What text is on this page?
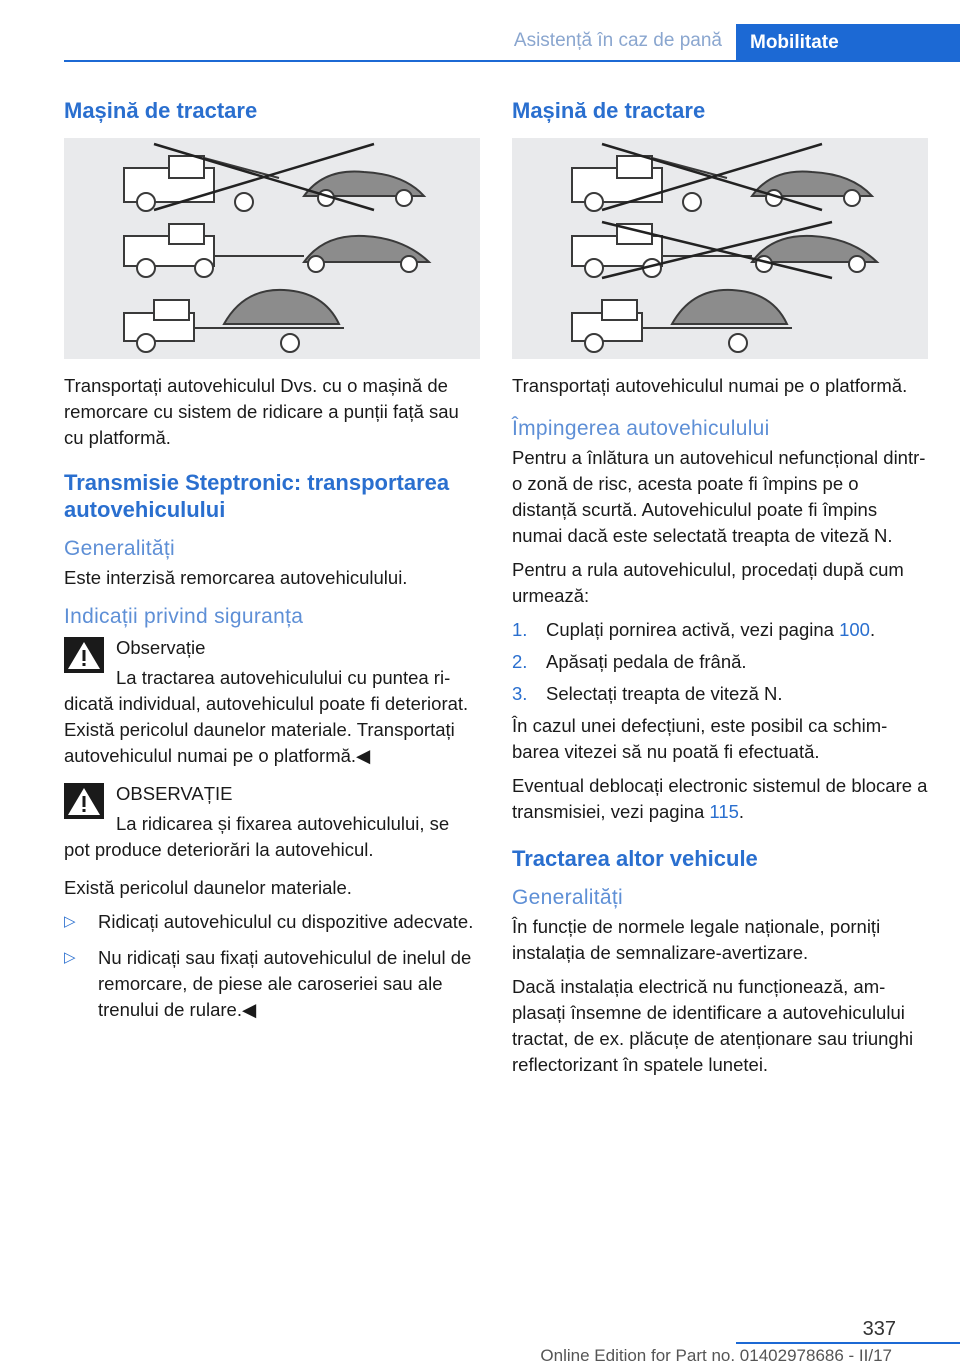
Asistență în caz de pană	Mobilitate
Mașină de tractare

Transportați autovehiculul Dvs. cu o mașină de remorcare cu sistem de ridicare a punții față sau cu platformă.

Transmisie Steptronic: transportarea autovehiculului
Generalități

Este interzisă remorcarea autovehiculului.

Indicații privind siguranța
Observație
La tractarea autovehiculului cu puntea ridicată individual, autovehiculul poate fi deteriorat. Există pericolul daunelor materiale. Transportați autovehiculul numai pe o platformă.◀
OBSERVAȚIE
La ridicarea și fixarea autovehiculului, se pot produce deteriorări la autovehicul.

Există pericolul daunelor materiale.

▷ Ridicați autovehiculul cu dispozitive adecvate.
▷ Nu ridicați sau fixați autovehiculul de inelul de remorcare, de piese ale caroseriei sau ale trenului de rulare.◀
Mașină de tractare

Transportați autovehiculul numai pe o platformă.

Împingerea autovehiculului

Pentru a înlătura un autovehicul nefuncțional dintr-o zonă de risc, acesta poate fi împins pe o distanță scurtă. Autovehiculul poate fi împins numai dacă este selectată treapta de viteză N.

Pentru a rula autovehiculul, procedați după cum urmează:

1. Cuplați pornirea activă, vezi pagina 100.
2. Apăsați pedala de frână.
3. Selectați treapta de viteză N.

În cazul unei defecțiuni, este posibil ca schimbarea vitezei să nu poată fi efectuată.

Eventual deblocați electronic sistemul de blocare a transmisiei, vezi pagina 115.

Tractarea altor vehicule
Generalități

În funcție de normele legale naționale, porniți instalația de semnalizare-avertizare.

Dacă instalația electrică nu funcționează, amplasați însemne de identificare a autovehiculului tractat, de ex. plăcuțe de atenționare sau triunghi reflectorizant în spatele lunetei.

337
Online Edition for Part no. 01402978686 - II/17
